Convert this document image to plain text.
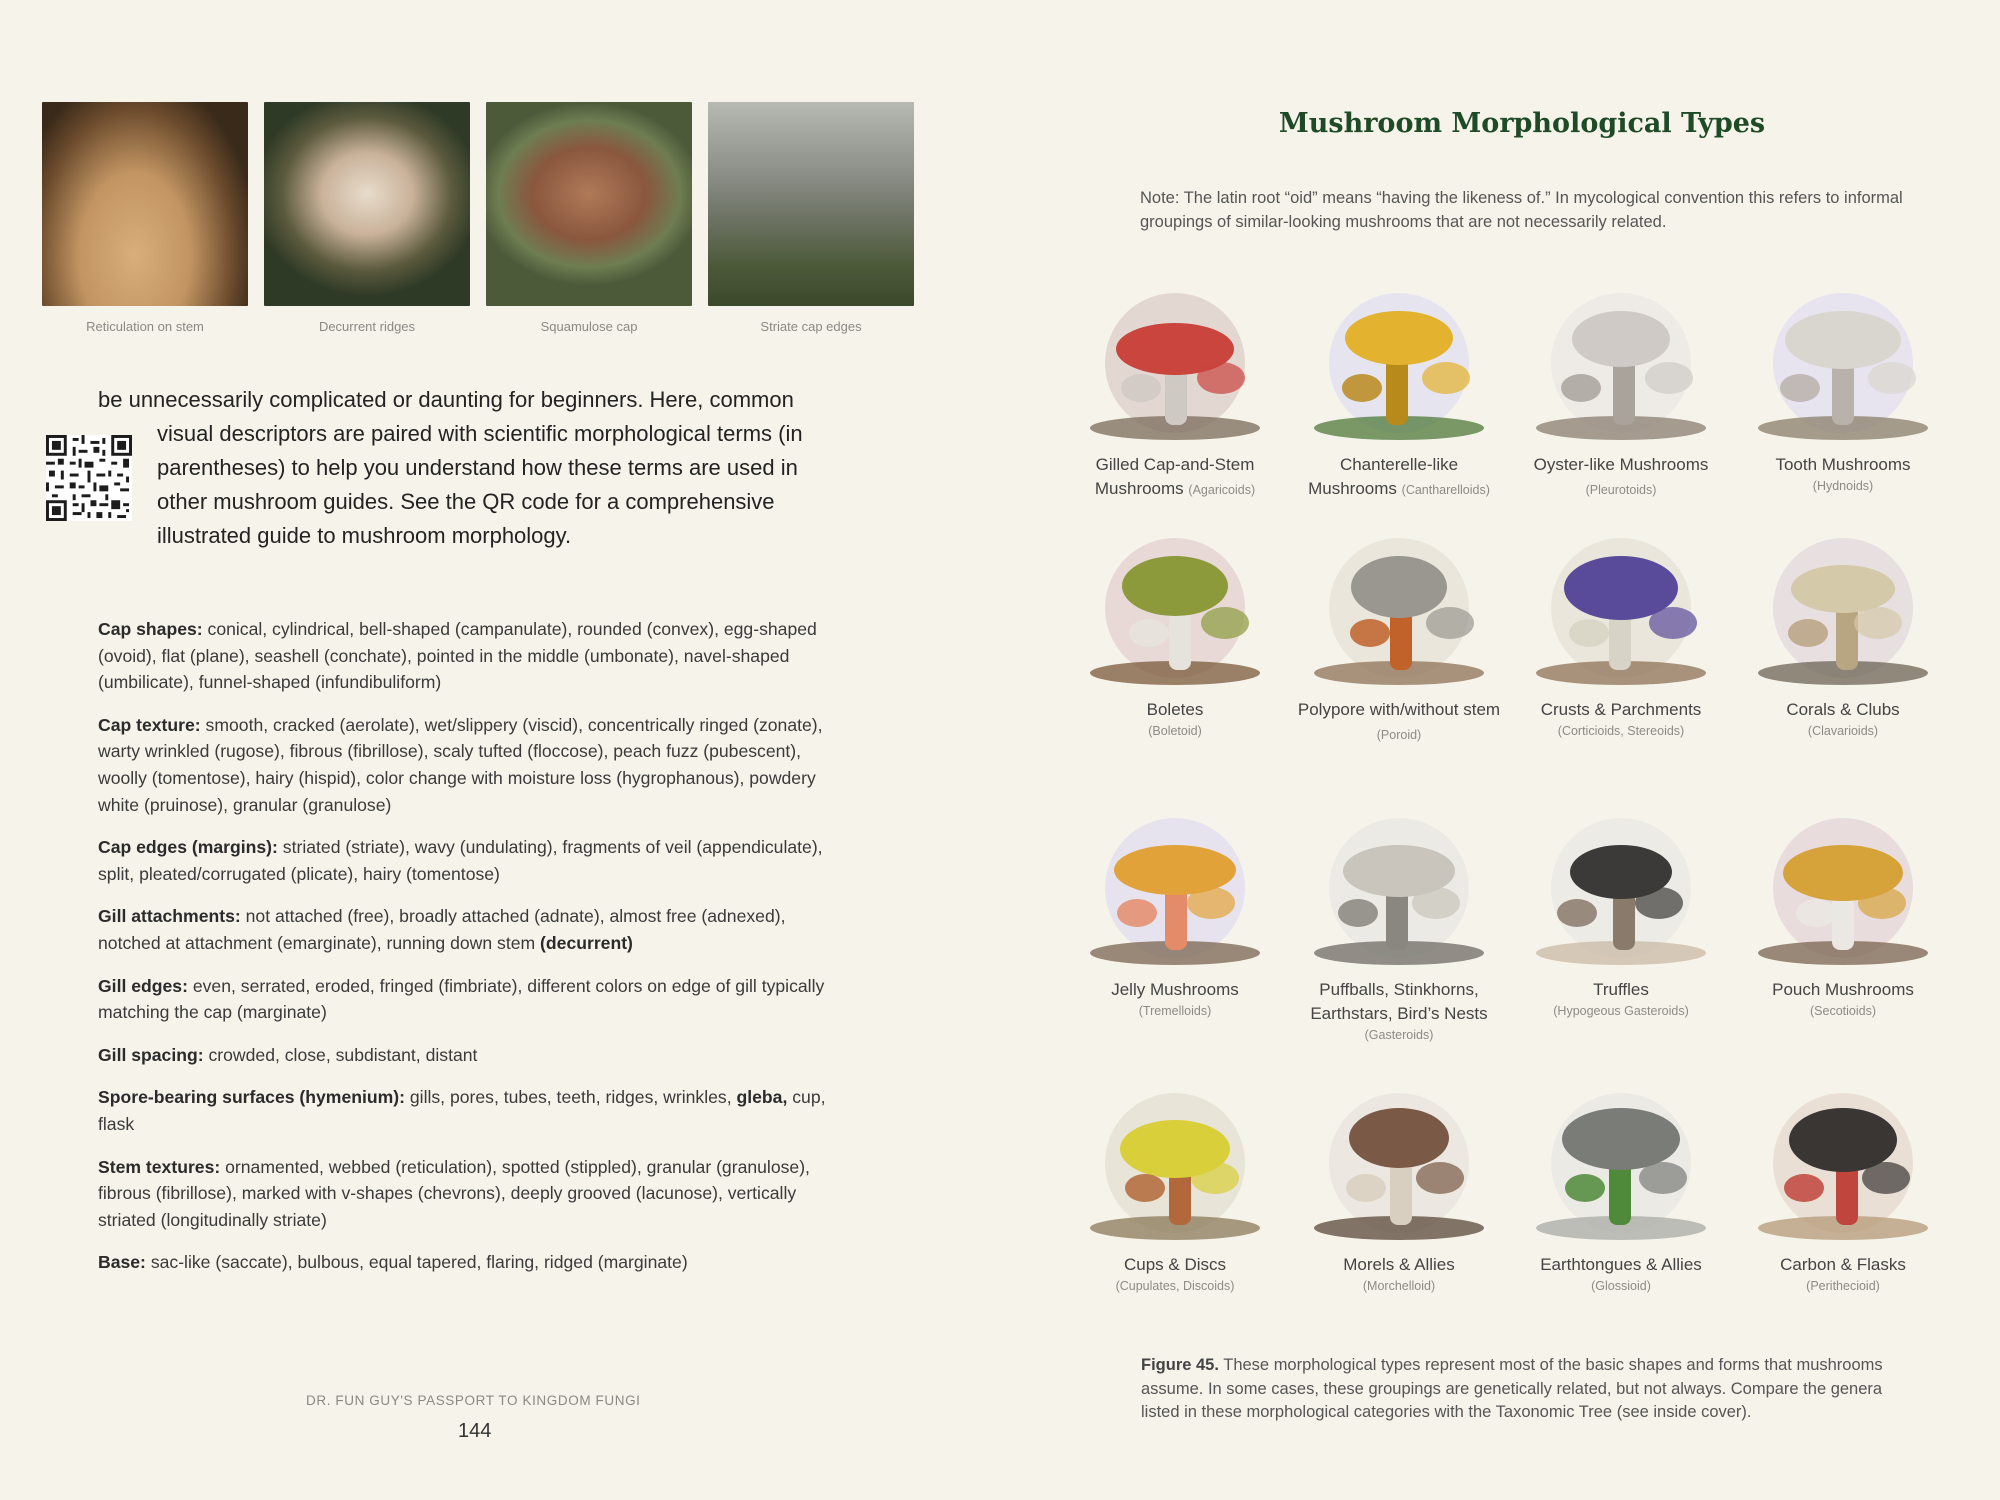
Reticulation on stem	Decurrent ridges	Squamulose cap	Striate cap edges
be unnecessarily complicated or daunting for beginners. Here, common
visual descriptors are paired with scientific morphological terms (in parentheses) to help you understand how these terms are used in other mushroom guides. See the QR code for a comprehensive illustrated guide to mushroom morphology.
Cap shapes: conical, cylindrical, bell-shaped (campanulate), rounded (convex), egg-shaped (ovoid), flat (plane), seashell (conchate), pointed in the middle (umbonate), navel-shaped (umbilicate), funnel-shaped (infundibuliform)
Cap texture: smooth, cracked (aerolate), wet/slippery (viscid), concentrically ringed (zonate), warty wrinkled (rugose), fibrous (fibrillose), scaly tufted (floccose), peach fuzz (pubescent), woolly (tomentose), hairy (hispid), color change with moisture loss (hygrophanous), powdery white (pruinose), granular (granulose)
Cap edges (margins): striated (striate), wavy (undulating), fragments of veil (appendiculate), split, pleated/corrugated (plicate), hairy (tomentose)
Gill attachments: not attached (free), broadly attached (adnate), almost free (adnexed), notched at attachment (emarginate), running down stem (decurrent)
Gill edges: even, serrated, eroded, fringed (fimbriate), different colors on edge of gill typically matching the cap (marginate)
Gill spacing: crowded, close, subdistant, distant
Spore-bearing surfaces (hymenium): gills, pores, tubes, teeth, ridges, wrinkles, gleba, cup, flask
Stem textures: ornamented, webbed (reticulation), spotted (stippled), granular (granulose), fibrous (fibrillose), marked with v-shapes (chevrons), deeply grooved (lacunose), vertically striated (longitudinally striate)
Base: sac-like (saccate), bulbous, equal tapered, flaring, ridged (marginate)
DR. FUN GUY'S PASSPORT TO KINGDOM FUNGI
144
Mushroom Morphological Types
Note: The latin root “oid” means “having the likeness of.” In mycological convention this refers to informal groupings of similar-looking mushrooms that are not necessarily related.
Gilled Cap-and-Stem Mushrooms (Agaricoids)
Chanterelle-like Mushrooms (Cantharelloids)
Oyster-like Mushrooms (Pleurotoids)
Tooth Mushrooms
(Hydnoids)
Boletes
(Boletoid)
Polypore with/without stem (Poroid)
Crusts & Parchments
(Corticioids, Stereoids)
Corals & Clubs
(Clavarioids)
Jelly Mushrooms
(Tremelloids)
Puffballs, Stinkhorns, Earthstars, Bird’s Nests
(Gasteroids)
Truffles
(Hypogeous Gasteroids)
Pouch Mushrooms
(Secotioids)
Cups & Discs
(Cupulates, Discoids)
Morels & Allies
(Morchelloid)
Earthtongues & Allies
(Glossioid)
Carbon & Flasks
(Perithecioid)
Figure 45. These morphological types represent most of the basic shapes and forms that mushrooms assume. In some cases, these groupings are genetically related, but not always. Compare the genera listed in these morphological categories with the Taxonomic Tree (see inside cover).
